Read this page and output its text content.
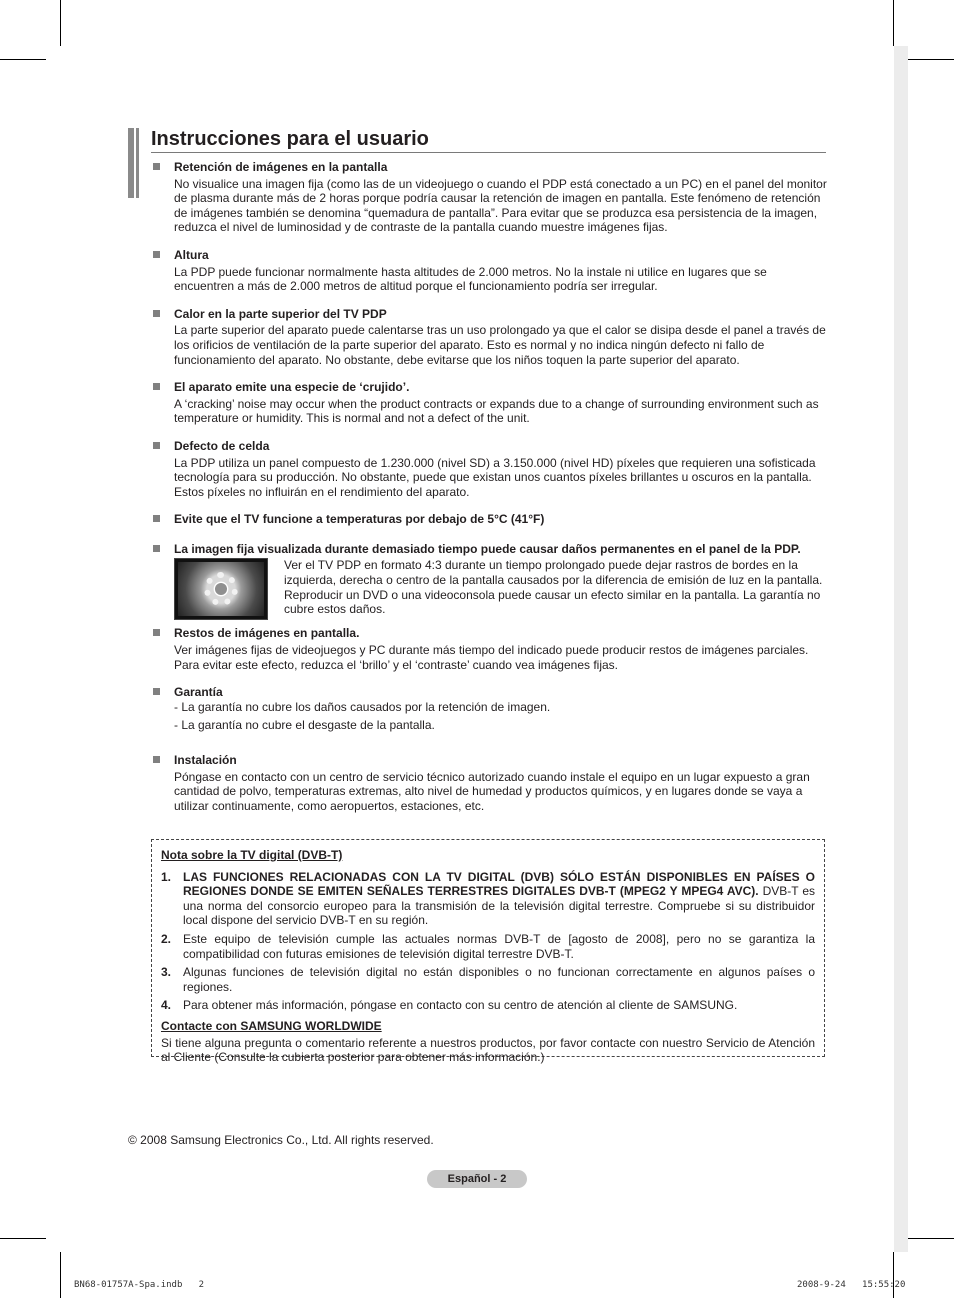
Instrucciones para el usuario
Retención de imágenes en la pantalla

No visualice una imagen fija (como las de un videojuego o cuando el PDP está conectado a un PC) en el panel del monitor de plasma durante más de 2 horas porque podría causar la retención de imagen en pantalla. Este fenómeno de retención de imágenes también se denomina “quemadura de pantalla”. Para evitar que se produzca esa persistencia de la imagen, reduzca el nivel de luminosidad y de contraste de la pantalla cuando muestre imágenes fijas.

Altura

La PDP puede funcionar normalmente hasta altitudes de 2.000 metros. No la instale ni utilice en lugares que se encuentren a más de 2.000 metros de altitud porque el funcionamiento podría ser irregular.

Calor en la parte superior del TV PDP

La parte superior del aparato puede calentarse tras un uso prolongado ya que el calor se disipa desde el panel a través de los orificios de ventilación de la parte superior del aparato. Esto es normal y no indica ningún defecto ni fallo de funcionamiento del aparato. No obstante, debe evitarse que los niños toquen la parte superior del aparato.

El aparato emite una especie de ‘crujido’.

A ‘cracking’ noise may occur when the product contracts or expands due to a change of surrounding environment such as temperature or humidity. This is normal and not a defect of the unit.

Defecto de celda

La PDP utiliza un panel compuesto de 1.230.000 (nivel SD) a 3.150.000 (nivel HD) píxeles que requieren una sofisticada tecnología para su producción. No obstante, puede que existan unos cuantos píxeles brillantes u oscuros en la pantalla. Estos píxeles no influirán en el rendimiento del aparato.

Evite que el TV funcione a temperaturas por debajo de 5°C (41°F)
La imagen fija visualizada durante demasiado tiempo puede causar daños permanentes en el panel de la PDP.

Ver el TV PDP en formato 4:3 durante un tiempo prolongado puede dejar rastros de bordes en la izquierda, derecha o centro de la pantalla causados por la diferencia de emisión de luz en la pantalla. Reproducir un DVD o una videoconsola puede causar un efecto similar en la pantalla. La garantía no cubre estos daños.

Restos de imágenes en pantalla.

Ver imágenes fijas de videojuegos y PC durante más tiempo del indicado puede producir restos de imágenes parciales. Para evitar este efecto, reduzca el ‘brillo’ y el ‘contraste’ cuando vea imágenes fijas.

Garantía

- La garantía no cubre los daños causados por la retención de imagen.

- La garantía no cubre el desgaste de la pantalla.

Instalación

Póngase en contacto con un centro de servicio técnico autorizado cuando instale el equipo en un lugar expuesto a gran cantidad de polvo, temperaturas extremas, alto nivel de humedad y productos químicos, y en lugares donde se vaya a utilizar continuamente, como aeropuertos, estaciones, etc.

Nota sobre la TV digital (DVB-T)

1. LAS FUNCIONES RELACIONADAS CON LA TV DIGITAL (DVB) SÓLO ESTÁN DISPONIBLES EN PAÍSES O REGIONES DONDE SE EMITEN SEÑALES TERRESTRES DIGITALES DVB-T (MPEG2 Y MPEG4 AVC). DVB-T es una norma del consorcio europeo para la transmisión de la televisión digital terrestre. Compruebe si su distribuidor local dispone del servicio DVB-T en su región.
2. Este equipo de televisión cumple las actuales normas DVB-T de [agosto de 2008], pero no se garantiza la compatibilidad con futuras emisiones de televisión digital terrestre DVB-T.
3. Algunas funciones de televisión digital no están disponibles o no funcionan correctamente en algunos países o regiones.
4. Para obtener más información, póngase en contacto con su centro de atención al cliente de SAMSUNG.

Contacte con SAMSUNG WORLDWIDE

Si tiene alguna pregunta o comentario referente a nuestros productos, por favor contacte con nuestro Servicio de Atención al Cliente (Consulte la cubierta posterior para obtener más información.)

© 2008 Samsung Electronics Co., Ltd. All rights reserved.
Español - 2
BN68-01757A-Spa.indb   2	2008-9-24   15:55:20
